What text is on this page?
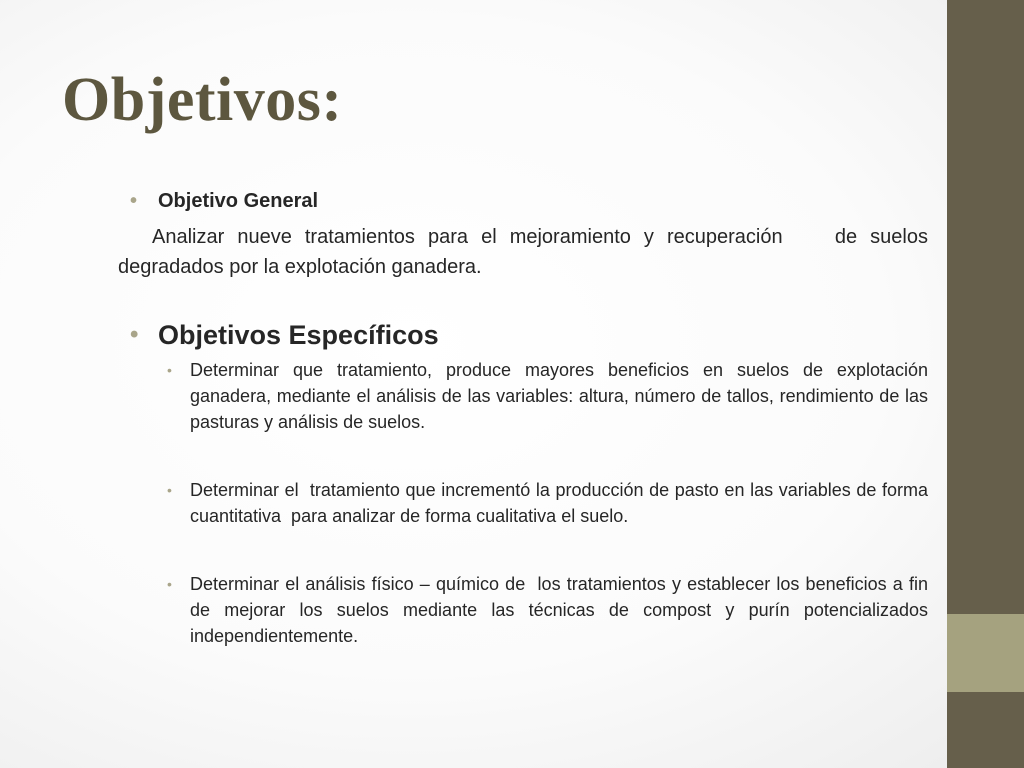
Objetivos:
• Objetivo General
Analizar nueve tratamientos para el mejoramiento y recuperación    de suelos  degradados por la explotación ganadera.
• Objetivos Específicos
• Determinar que tratamiento, produce mayores beneficios en suelos de explotación ganadera, mediante el análisis de las variables: altura, número de tallos, rendimiento de las pasturas y análisis de suelos.
• Determinar el  tratamiento que incrementó la producción de pasto en las variables de forma cuantitativa  para analizar de forma cualitativa el suelo.
• Determinar el análisis físico – químico de  los tratamientos y establecer los beneficios a fin de mejorar los suelos mediante las técnicas de compost y purín potencializados independientemente.
